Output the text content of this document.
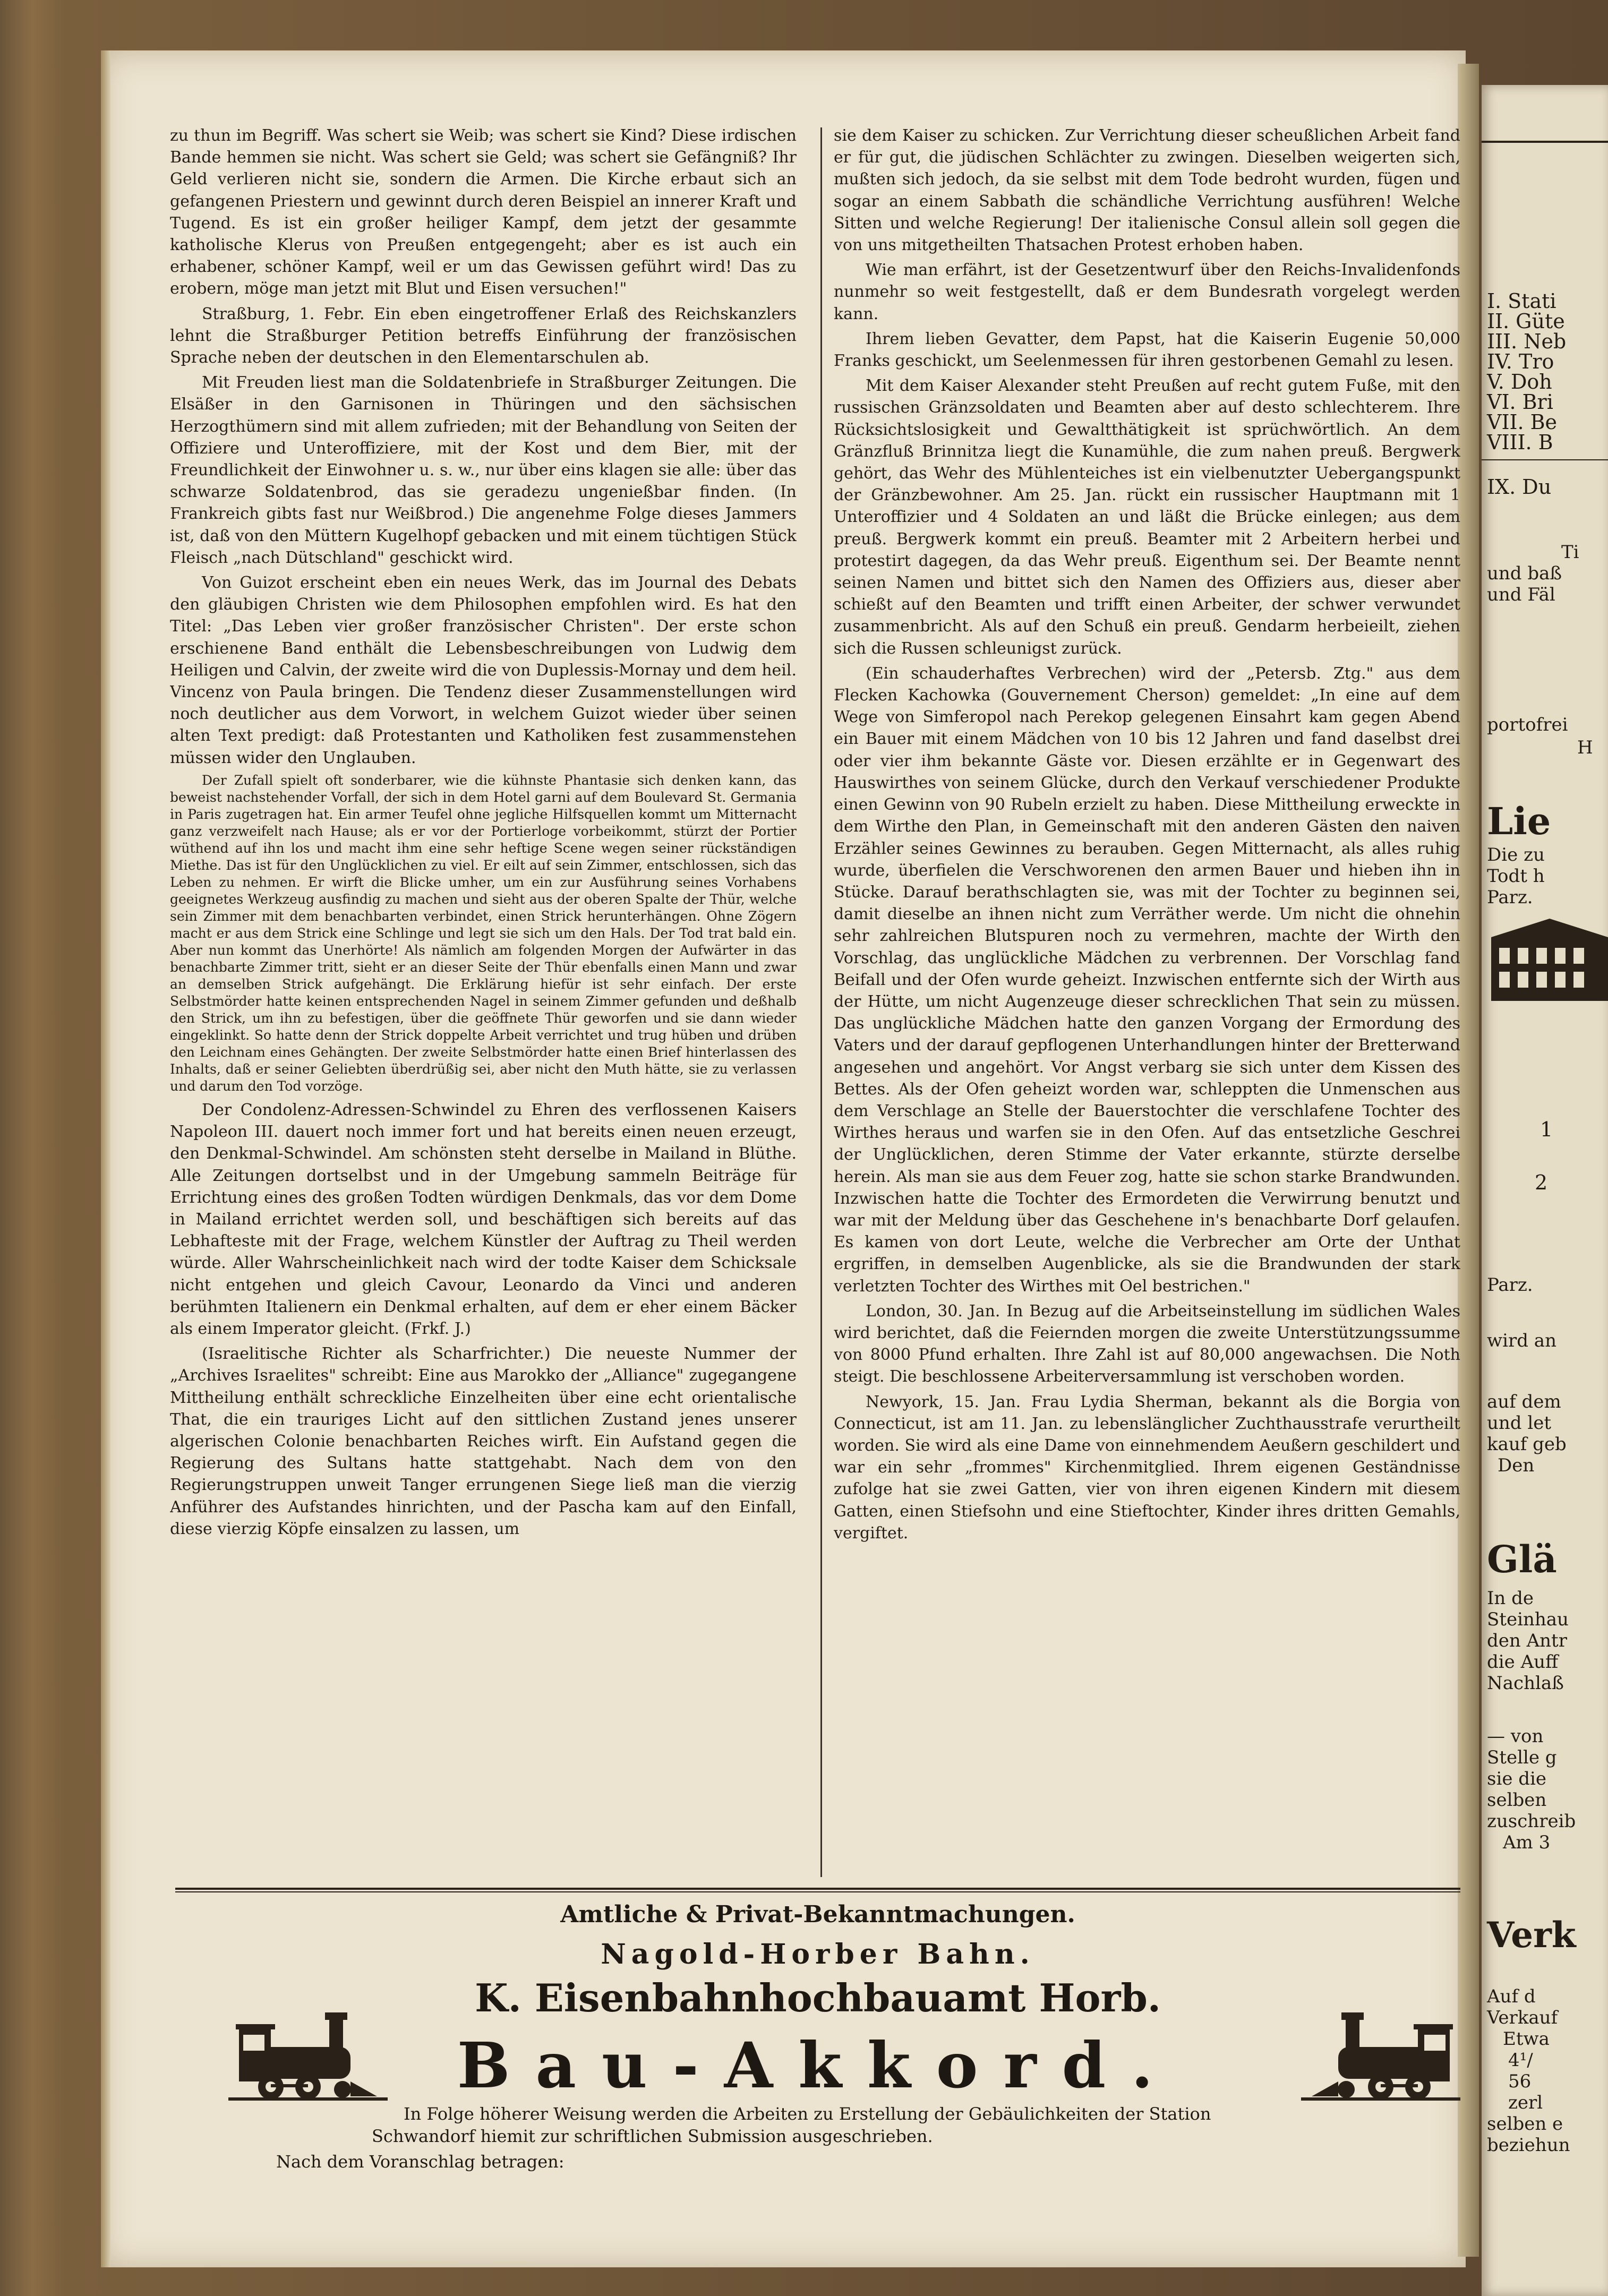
zu thun im Begriff. Was schert sie Weib; was schert sie Kind? Diese irdischen Bande hemmen sie nicht. Was schert sie Geld; was schert sie Gefängniß? Ihr Geld verlieren nicht sie, sondern die Armen. Die Kirche erbaut sich an gefangenen Priestern und gewinnt durch deren Beispiel an innerer Kraft und Tugend. Es ist ein großer heiliger Kampf, dem jetzt der gesammte katholische Klerus von Preußen entgegengeht; aber es ist auch ein erhabener, schöner Kampf, weil er um das Gewissen geführt wird! Das zu erobern, möge man jetzt mit Blut und Eisen versuchen!"

Straßburg, 1. Febr. Ein eben eingetroffener Erlaß des Reichskanzlers lehnt die Straßburger Petition betreffs Einführung der französischen Sprache neben der deutschen in den Elementarschulen ab.

Mit Freuden liest man die Soldatenbriefe in Straßburger Zeitungen. Die Elsäßer in den Garnisonen in Thüringen und den sächsischen Herzogthümern sind mit allem zufrieden; mit der Behandlung von Seiten der Offiziere und Unteroffiziere, mit der Kost und dem Bier, mit der Freundlichkeit der Einwohner u. s. w., nur über eins klagen sie alle: über das schwarze Soldatenbrod, das sie geradezu ungenießbar finden. (In Frankreich gibts fast nur Weißbrod.) Die angenehme Folge dieses Jammers ist, daß von den Müttern Kugelhopf gebacken und mit einem tüchtigen Stück Fleisch „nach Dütschland" geschickt wird.

Von Guizot erscheint eben ein neues Werk, das im Journal des Debats den gläubigen Christen wie dem Philosophen empfohlen wird. Es hat den Titel: „Das Leben vier großer französischer Christen". Der erste schon erschienene Band enthält die Lebensbeschreibungen von Ludwig dem Heiligen und Calvin, der zweite wird die von Duplessis-Mornay und dem heil. Vincenz von Paula bringen. Die Tendenz dieser Zusammenstellungen wird noch deutlicher aus dem Vorwort, in welchem Guizot wieder über seinen alten Text predigt: daß Protestanten und Katholiken fest zusammenstehen müssen wider den Unglauben.

Der Zufall spielt oft sonderbarer, wie die kühnste Phantasie sich denken kann, das beweist nachstehender Vorfall, der sich in dem Hotel garni auf dem Boulevard St. Germania in Paris zugetragen hat. Ein armer Teufel ohne jegliche Hilfsquellen kommt um Mitternacht ganz verzweifelt nach Hause; als er vor der Portierloge vorbeikommt, stürzt der Portier wüthend auf ihn los und macht ihm eine sehr heftige Scene wegen seiner rückständigen Miethe. Das ist für den Unglücklichen zu viel. Er eilt auf sein Zimmer, entschlossen, sich das Leben zu nehmen. Er wirft die Blicke umher, um ein zur Ausführung seines Vorhabens geeignetes Werkzeug ausfindig zu machen und sieht aus der oberen Spalte der Thür, welche sein Zimmer mit dem benachbarten verbindet, einen Strick herunterhängen. Ohne Zögern macht er aus dem Strick eine Schlinge und legt sie sich um den Hals. Der Tod trat bald ein. Aber nun kommt das Unerhörte! Als nämlich am folgenden Morgen der Aufwärter in das benachbarte Zimmer tritt, sieht er an dieser Seite der Thür ebenfalls einen Mann und zwar an demselben Strick aufgehängt. Die Erklärung hiefür ist sehr einfach. Der erste Selbstmörder hatte keinen entsprechenden Nagel in seinem Zimmer gefunden und deßhalb den Strick, um ihn zu befestigen, über die geöffnete Thür geworfen und sie dann wieder eingeklinkt. So hatte denn der Strick doppelte Arbeit verrichtet und trug hüben und drüben den Leichnam eines Gehängten. Der zweite Selbstmörder hatte einen Brief hinterlassen des Inhalts, daß er seiner Geliebten überdrüßig sei, aber nicht den Muth hätte, sie zu verlassen und darum den Tod vorzöge.

Der Condolenz-Adressen-Schwindel zu Ehren des verflossenen Kaisers Napoleon III. dauert noch immer fort und hat bereits einen neuen erzeugt, den Denkmal-Schwindel. Am schönsten steht derselbe in Mailand in Blüthe. Alle Zeitungen dortselbst und in der Umgebung sammeln Beiträge für Errichtung eines des großen Todten würdigen Denkmals, das vor dem Dome in Mailand errichtet werden soll, und beschäftigen sich bereits auf das Lebhafteste mit der Frage, welchem Künstler der Auftrag zu Theil werden würde. Aller Wahrscheinlichkeit nach wird der todte Kaiser dem Schicksale nicht entgehen und gleich Cavour, Leonardo da Vinci und anderen berühmten Italienern ein Denkmal erhalten, auf dem er eher einem Bäcker als einem Imperator gleicht. (Frkf. J.)

(Israelitische Richter als Scharfrichter.) Die neueste Nummer der „Archives Israelites" schreibt: Eine aus Marokko der „Alliance" zugegangene Mittheilung enthält schreckliche Einzelheiten über eine echt orientalische That, die ein trauriges Licht auf den sittlichen Zustand jenes unserer algerischen Colonie benachbarten Reiches wirft. Ein Aufstand gegen die Regierung des Sultans hatte stattgehabt. Nach dem von den Regierungstruppen unweit Tanger errungenen Siege ließ man die vierzig Anführer des Aufstandes hinrichten, und der Pascha kam auf den Einfall, diese vierzig Köpfe einsalzen zu lassen, um

sie dem Kaiser zu schicken. Zur Verrichtung dieser scheußlichen Arbeit fand er für gut, die jüdischen Schlächter zu zwingen. Dieselben weigerten sich, mußten sich jedoch, da sie selbst mit dem Tode bedroht wurden, fügen und sogar an einem Sabbath die schändliche Verrichtung ausführen! Welche Sitten und welche Regierung! Der italienische Consul allein soll gegen die von uns mitgetheilten Thatsachen Protest erhoben haben.

Wie man erfährt, ist der Gesetzentwurf über den Reichs-Invalidenfonds nunmehr so weit festgestellt, daß er dem Bundesrath vorgelegt werden kann.

Ihrem lieben Gevatter, dem Papst, hat die Kaiserin Eugenie 50,000 Franks geschickt, um Seelenmessen für ihren gestorbenen Gemahl zu lesen.

Mit dem Kaiser Alexander steht Preußen auf recht gutem Fuße, mit den russischen Gränzsoldaten und Beamten aber auf desto schlechterem. Ihre Rücksichtslosigkeit und Gewaltthätigkeit ist sprüchwörtlich. An dem Gränzfluß Brinnitza liegt die Kunamühle, die zum nahen preuß. Bergwerk gehört, das Wehr des Mühlenteiches ist ein vielbenutzter Uebergangspunkt der Gränzbewohner. Am 25. Jan. rückt ein russischer Hauptmann mit 1 Unteroffizier und 4 Soldaten an und läßt die Brücke einlegen; aus dem preuß. Bergwerk kommt ein preuß. Beamter mit 2 Arbeitern herbei und protestirt dagegen, da das Wehr preuß. Eigenthum sei. Der Beamte nennt seinen Namen und bittet sich den Namen des Offiziers aus, dieser aber schießt auf den Beamten und trifft einen Arbeiter, der schwer verwundet zusammenbricht. Als auf den Schuß ein preuß. Gendarm herbeieilt, ziehen sich die Russen schleunigst zurück.

(Ein schauderhaftes Verbrechen) wird der „Petersb. Ztg." aus dem Flecken Kachowka (Gouvernement Cherson) gemeldet: „In eine auf dem Wege von Simferopol nach Perekop gelegenen Einsahrt kam gegen Abend ein Bauer mit einem Mädchen von 10 bis 12 Jahren und fand daselbst drei oder vier ihm bekannte Gäste vor. Diesen erzählte er in Gegenwart des Hauswirthes von seinem Glücke, durch den Verkauf verschiedener Produkte einen Gewinn von 90 Rubeln erzielt zu haben. Diese Mittheilung erweckte in dem Wirthe den Plan, in Gemeinschaft mit den anderen Gästen den naiven Erzähler seines Gewinnes zu berauben. Gegen Mitternacht, als alles ruhig wurde, überfielen die Verschworenen den armen Bauer und hieben ihn in Stücke. Darauf berathschlagten sie, was mit der Tochter zu beginnen sei, damit dieselbe an ihnen nicht zum Verräther werde. Um nicht die ohnehin sehr zahlreichen Blutspuren noch zu vermehren, machte der Wirth den Vorschlag, das unglückliche Mädchen zu verbrennen. Der Vorschlag fand Beifall und der Ofen wurde geheizt. Inzwischen entfernte sich der Wirth aus der Hütte, um nicht Augenzeuge dieser schrecklichen That sein zu müssen. Das unglückliche Mädchen hatte den ganzen Vorgang der Ermordung des Vaters und der darauf gepflogenen Unterhandlungen hinter der Bretterwand angesehen und angehört. Vor Angst verbarg sie sich unter dem Kissen des Bettes. Als der Ofen geheizt worden war, schleppten die Unmenschen aus dem Verschlage an Stelle der Bauerstochter die verschlafene Tochter des Wirthes heraus und warfen sie in den Ofen. Auf das entsetzliche Geschrei der Unglücklichen, deren Stimme der Vater erkannte, stürzte derselbe herein. Als man sie aus dem Feuer zog, hatte sie schon starke Brandwunden. Inzwischen hatte die Tochter des Ermordeten die Verwirrung benutzt und war mit der Meldung über das Geschehene in's benachbarte Dorf gelaufen. Es kamen von dort Leute, welche die Verbrecher am Orte der Unthat ergriffen, in demselben Augenblicke, als sie die Brandwunden der stark verletzten Tochter des Wirthes mit Oel bestrichen."

London, 30. Jan. In Bezug auf die Arbeitseinstellung im südlichen Wales wird berichtet, daß die Feiernden morgen die zweite Unterstützungssumme von 8000 Pfund erhalten. Ihre Zahl ist auf 80,000 angewachsen. Die Noth steigt. Die beschlossene Arbeiterversammlung ist verschoben worden.

Newyork, 15. Jan. Frau Lydia Sherman, bekannt als die Borgia von Connecticut, ist am 11. Jan. zu lebenslänglicher Zuchthausstrafe verurtheilt worden. Sie wird als eine Dame von einnehmendem Aeußern geschildert und war ein sehr „frommes" Kirchenmitglied. Ihrem eigenen Geständnisse zufolge hat sie zwei Gatten, vier von ihren eigenen Kindern mit diesem Gatten, einen Stiefsohn und eine Stieftochter, Kinder ihres dritten Gemahls, vergiftet.

Amtliche & Privat-Bekanntmachungen.
Nagold-Horber Bahn.
K. Eisenbahnhochbauamt Horb.
Bau-Akkord.
In Folge höherer Weisung werden die Arbeiten zu Erstellung der Gebäulichkeiten der Station Schwandorf hiemit zur schriftlichen Submission ausgeschrieben.
Nach dem Voranschlag betragen:
I. Stati
II. Güte
III. Neb
IV. Tro
V. Doh
VI. Bri
VII. Be
VIII. B
IX. Du
Ti
und baß
und Fäl
portofrei
H
Lie
Die zu
Todt h
Parz.
1
2
Parz.
wird an
auf dem
und let
kauf geb
Den
Glä
In de
Steinhau
den Antr
die Auff
Nachlaß
— von
Stelle g
sie die
selben
zuschreib
Am 3
Verk
Auf d
Verkauf
Etwa
4¹/
56
zerl
selben e
beziehun
